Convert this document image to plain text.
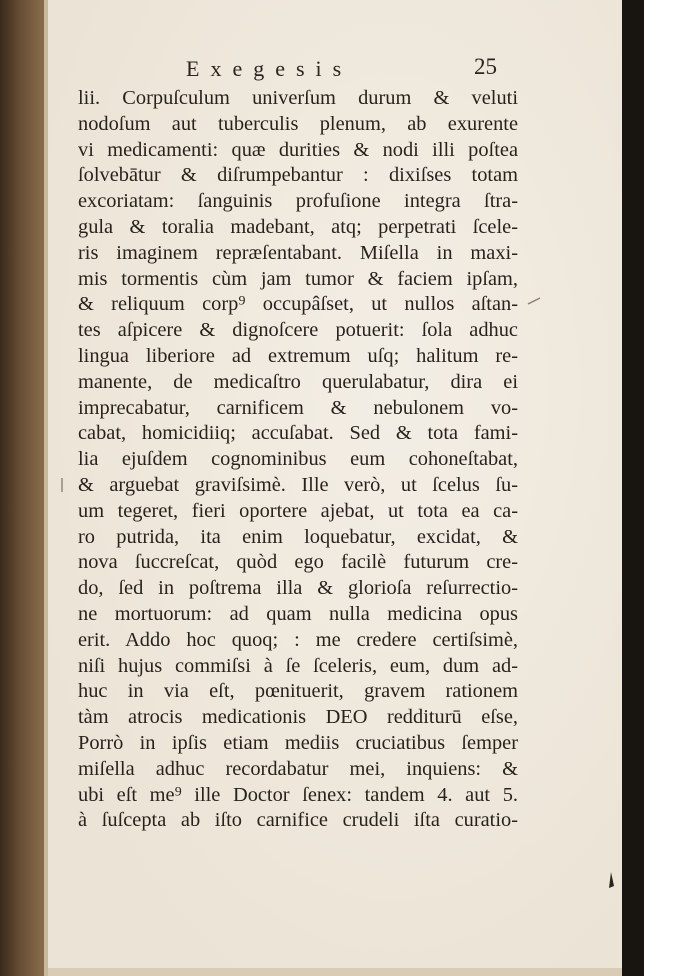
Exegesis	25
lii. Corpuſculum univerſum durum & veluti
nodoſum aut tuberculis plenum, ab exurente
vi medicamenti: quæ durities & nodi illi poſtea
ſolvebātur & diſrumpebantur : dixiſses totam
excoriatam: ſanguinis profuſione integra ſtra-
gula & toralia madebant, atq; perpetrati ſcele-
ris imaginem repræſentabant. Miſella in maxi-
mis tormentis cùm jam tumor & faciem ipſam,
& reliquum corp⁹ occupâſset, ut nullos aſtan-
tes aſpicere & dignoſcere potuerit: ſola adhuc
lingua liberiore ad extremum uſq; halitum re-
manente, de medicaſtro querulabatur, dira ei
imprecabatur, carnificem & nebulonem vo-
cabat, homicidiiq; accuſabat. Sed & tota fami-
lia ejuſdem cognominibus eum cohoneſtabat,
& arguebat graviſsimè. Ille verò, ut ſcelus ſu-
um tegeret, fieri oportere ajebat, ut tota ea ca-
ro putrida, ita enim loquebatur, excidat, &
nova ſuccreſcat, quòd ego facilè futurum cre-
do, ſed in poſtrema illa & glorioſa reſurrectio-
ne mortuorum: ad quam nulla medicina opus
erit. Addo hoc quoq; : me credere certiſsimè,
niſi hujus commiſsi à ſe ſceleris, eum, dum ad-
huc in via eſt, pœnituerit, gravem rationem
tàm atrocis medicationis DEO redditurū eſse,
Porrò in ipſis etiam mediis cruciatibus ſemper
miſella adhuc recordabatur mei, inquiens: &
ubi eſt me⁹ ille Doctor ſenex: tandem 4. aut 5.
à ſuſcepta ab iſto carnifice crudeli iſta curatio-
